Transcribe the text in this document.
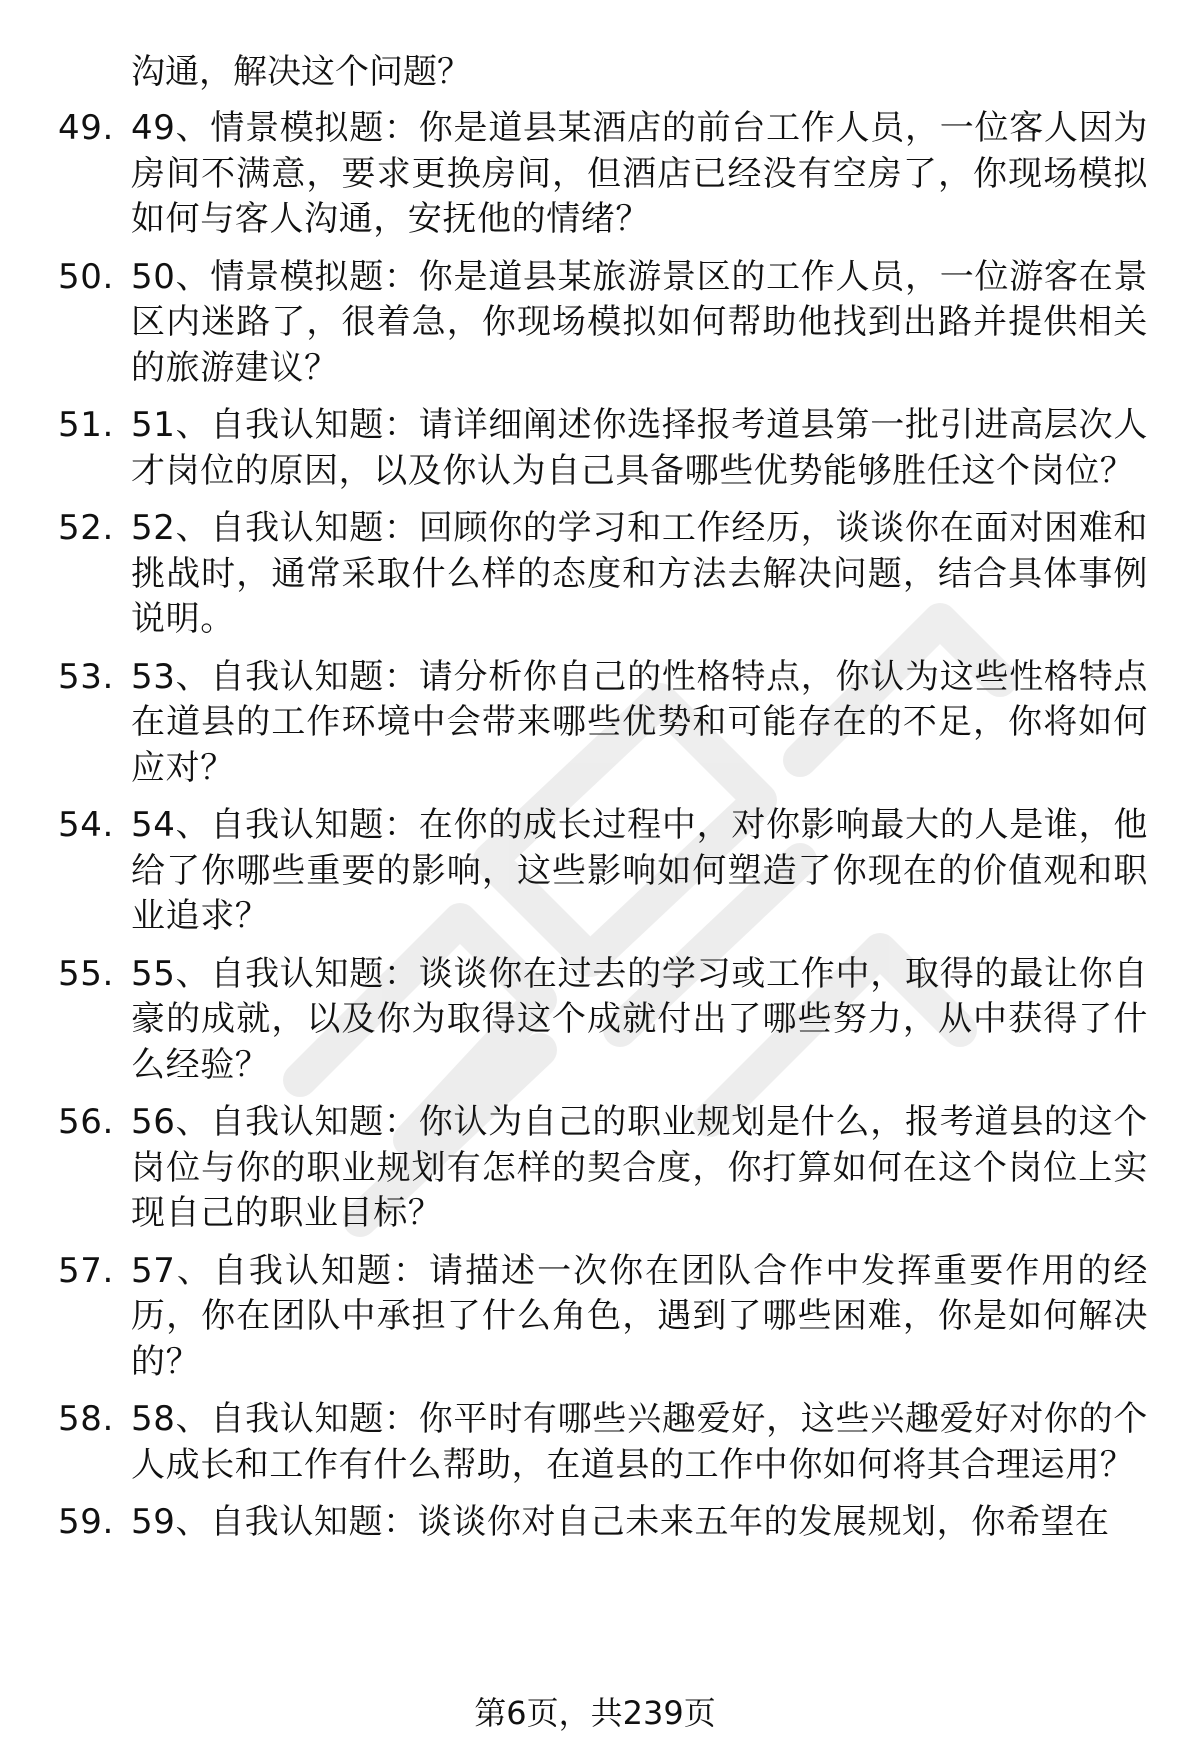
沟通，解决这个问题？

49. 49、情景模拟题：你是道县某酒店的前台工作人员，一位客人因为房间不满意，要求更换房间，但酒店已经没有空房了，你现场模拟如何与客人沟通，安抚他的情绪？
50. 50、情景模拟题：你是道县某旅游景区的工作人员，一位游客在景区内迷路了，很着急，你现场模拟如何帮助他找到出路并提供相关的旅游建议？
51. 51、自我认知题：请详细阐述你选择报考道县第一批引进高层次人才岗位的原因，以及你认为自己具备哪些优势能够胜任这个岗位？
52. 52、自我认知题：回顾你的学习和工作经历，谈谈你在面对困难和挑战时，通常采取什么样的态度和方法去解决问题，结合具体事例说明。
53. 53、自我认知题：请分析你自己的性格特点，你认为这些性格特点在道县的工作环境中会带来哪些优势和可能存在的不足，你将如何应对？
54. 54、自我认知题：在你的成长过程中，对你影响最大的人是谁，他给了你哪些重要的影响，这些影响如何塑造了你现在的价值观和职业追求？
55. 55、自我认知题：谈谈你在过去的学习或工作中，取得的最让你自豪的成就，以及你为取得这个成就付出了哪些努力，从中获得了什么经验？
56. 56、自我认知题：你认为自己的职业规划是什么，报考道县的这个岗位与你的职业规划有怎样的契合度，你打算如何在这个岗位上实现自己的职业目标？
57. 57、自我认知题：请描述一次你在团队合作中发挥重要作用的经历，你在团队中承担了什么角色，遇到了哪些困难，你是如何解决的？
58. 58、自我认知题：你平时有哪些兴趣爱好，这些兴趣爱好对你的个人成长和工作有什么帮助，在道县的工作中你如何将其合理运用？
59. 59、自我认知题：谈谈你对自己未来五年的发展规划，你希望在
第6页，共239页
